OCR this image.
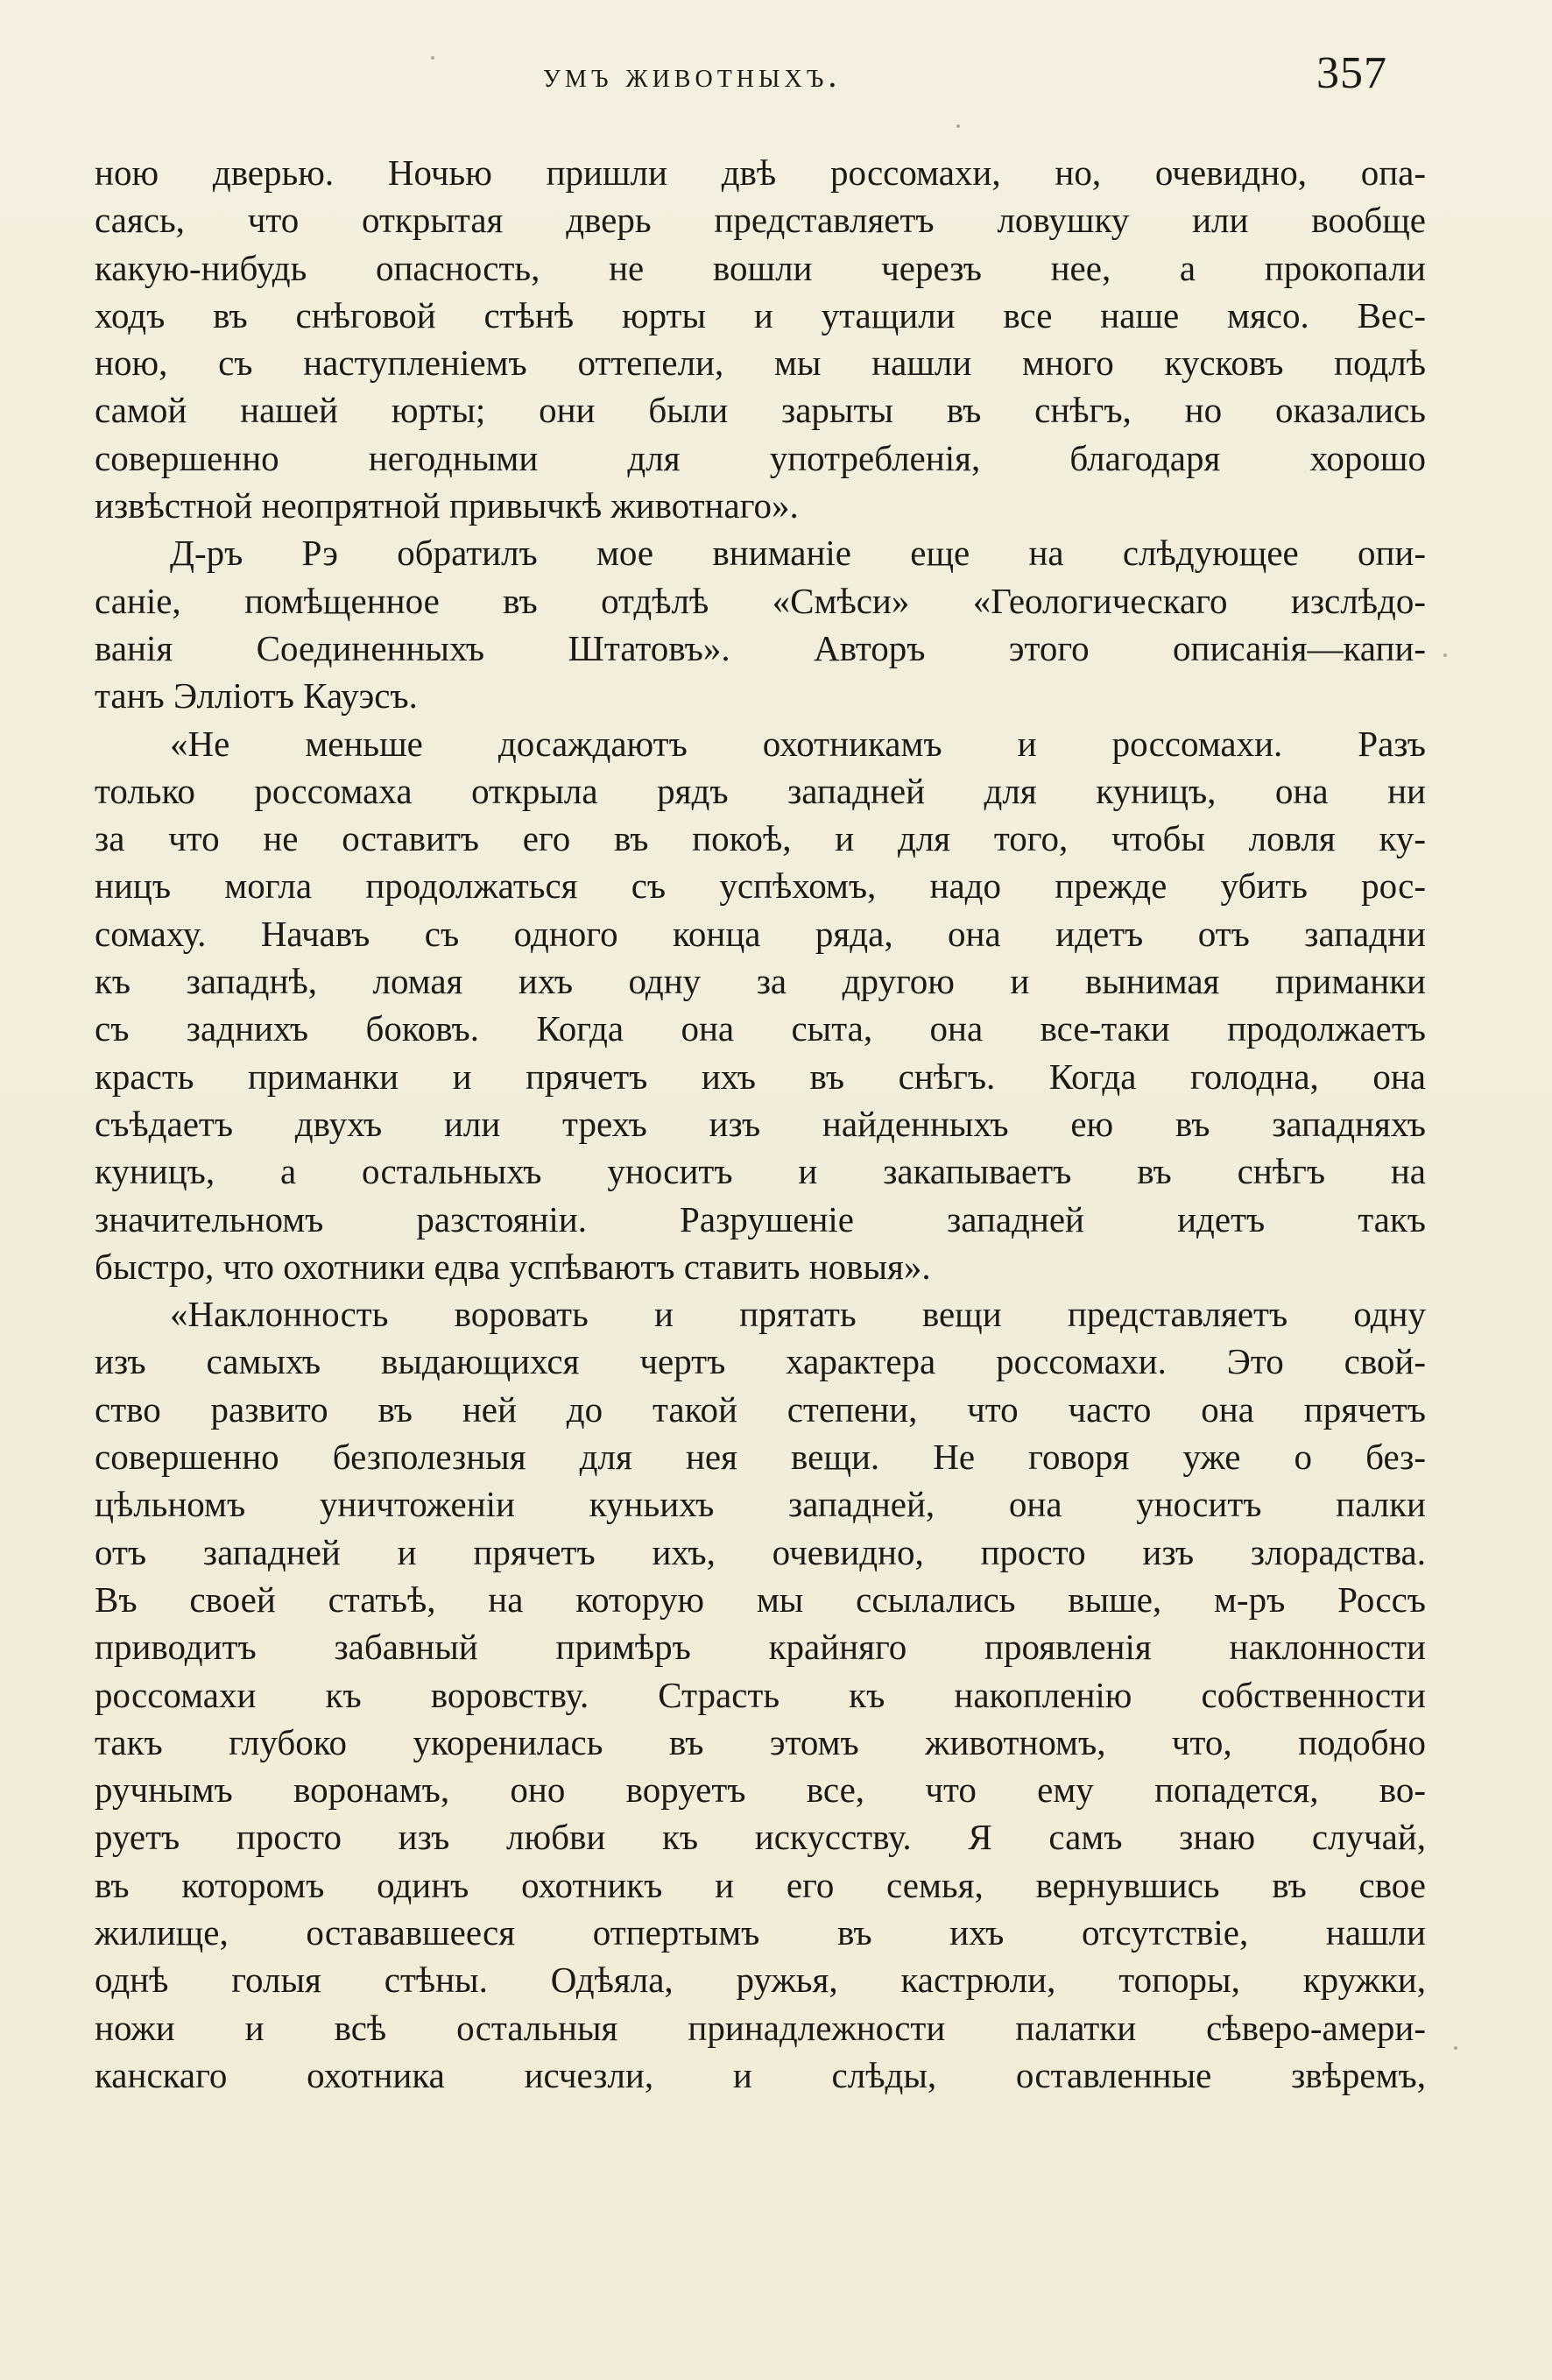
умъ животныхъ.	357
ною дверью. Ночью пришли двѣ россомахи, но, очевидно, опа-
саясь, что открытая дверь представляетъ ловушку или вообще
какую-нибудь опасность, не вошли черезъ нее, а прокопали
ходъ въ снѣговой стѣнѣ юрты и утащили все наше мясо. Вес-
ною, съ наступленіемъ оттепели, мы нашли много кусковъ подлѣ
самой нашей юрты; они были зарыты въ снѣгъ, но оказались
совершенно негодными для употребленія, благодаря хорошо
извѣстной неопрятной привычкѣ животнаго».
Д-ръ Рэ обратилъ мое вниманіе еще на слѣдующее опи-
саніе, помѣщенное въ отдѣлѣ «Смѣси» «Геологическаго изслѣдо-
ванія Соединенныхъ Штатовъ». Авторъ этого описанія—капи-
танъ Эллiотъ Кауэсъ.
«Не меньше досаждаютъ охотникамъ и россомахи. Разъ
только россомаха открыла рядъ западней для куницъ, она ни
за что не оставитъ его въ покоѣ, и для того, чтобы ловля ку-
ницъ могла продолжаться съ успѣхомъ, надо прежде убить рос-
сомаху. Начавъ съ одного конца ряда, она идетъ отъ западни
къ западнѣ, ломая ихъ одну за другою и вынимая приманки
съ заднихъ боковъ. Когда она сыта, она все-таки продолжаетъ
красть приманки и прячетъ ихъ въ снѣгъ. Когда голодна, она
съѣдаетъ двухъ или трехъ изъ найденныхъ ею въ западняхъ
куницъ, а остальныхъ уноситъ и закапываетъ въ снѣгъ на
значительномъ разстояніи. Разрушеніе западней идетъ такъ
быстро, что охотники едва успѣваютъ ставить новыя».
«Наклонность воровать и прятать вещи представляетъ одну
изъ самыхъ выдающихся чертъ характера россомахи. Это свой-
ство развито въ ней до такой степени, что часто она прячетъ
совершенно безполезныя для нея вещи. Не говоря уже о без-
цѣльномъ уничтоженіи куньихъ западней, она уноситъ палки
отъ западней и прячетъ ихъ, очевидно, просто изъ злорадства.
Въ своей статьѣ, на которую мы ссылались выше, м-ръ Россъ
приводитъ забавный примѣръ крайняго проявленія наклонности
россомахи къ воровству. Страсть къ накопленію собственности
такъ глубоко укоренилась въ этомъ животномъ, что, подобно
ручнымъ воронамъ, оно воруетъ все, что ему попадется, во-
руетъ просто изъ любви къ искусству. Я самъ знаю случай,
въ которомъ одинъ охотникъ и его семья, вернувшись въ свое
жилище, остававшееся отпертымъ въ ихъ отсутствіе, нашли
однѣ голыя стѣны. Одѣяла, ружья, кастрюли, топоры, кружки,
ножи и всѣ остальныя принадлежности палатки сѣверо-амери-
канскаго охотника исчезли, и слѣды, оставленные звѣремъ,
